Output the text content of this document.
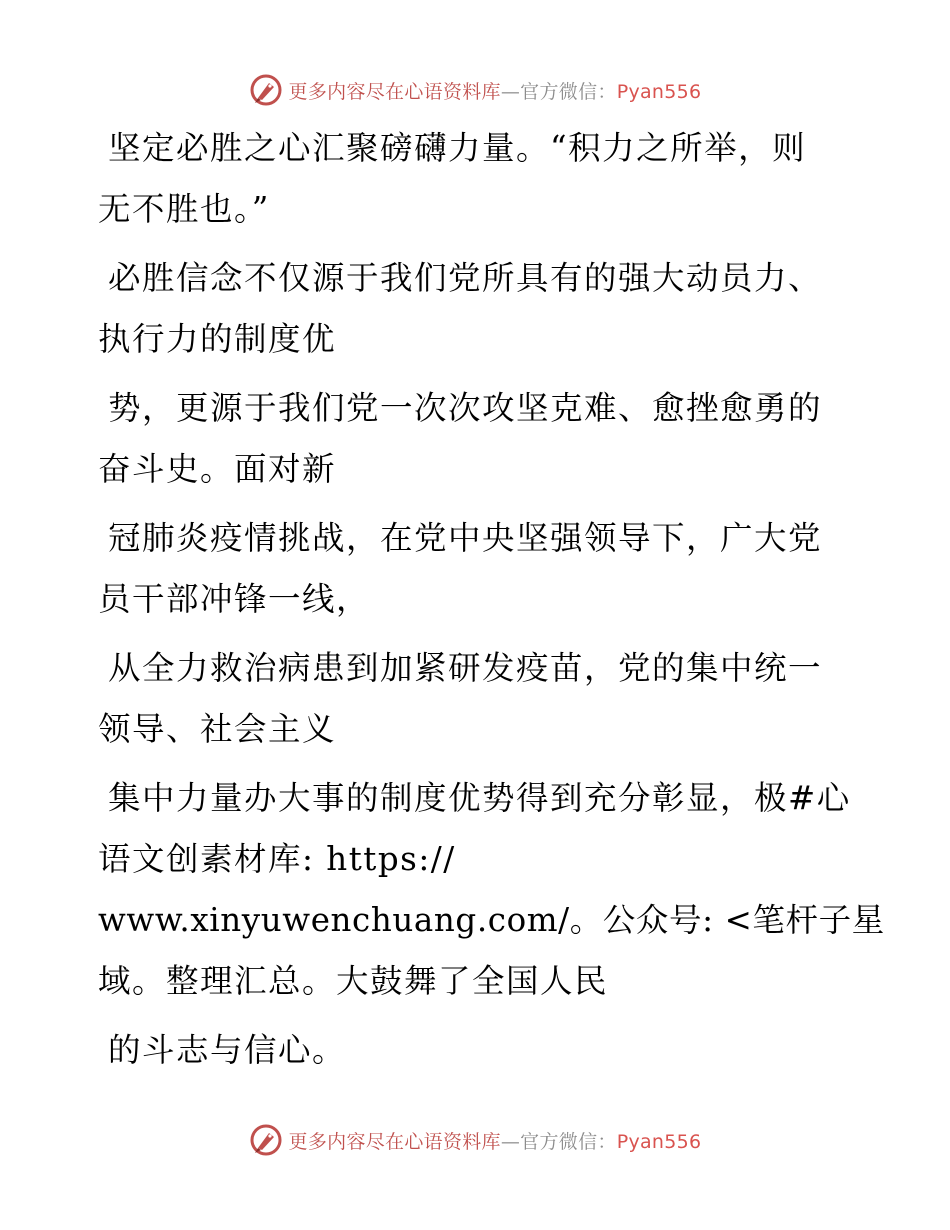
更多内容尽在心语资料库—官方微信：Pyan556

坚定必胜之心汇聚磅礴力量。“积力之所举，则
无不胜也。”

必胜信念不仅源于我们党所具有的强大动员力、
执行力的制度优

势，更源于我们党一次次攻坚克难、愈挫愈勇的
奋斗史。面对新

冠肺炎疫情挑战，在党中央坚强领导下，广大党
员干部冲锋一线，

从全力救治病患到加紧研发疫苗，党的集中统一
领导、社会主义

集中力量办大事的制度优势得到充分彰显，极#心
语文创素材库: https://
www.xinyuwenchuang.com/。公众号: <笔杆子星
域。整理汇总。大鼓舞了全国人民

的斗志与信心。

更多内容尽在心语资料库—官方微信：Pyan556
